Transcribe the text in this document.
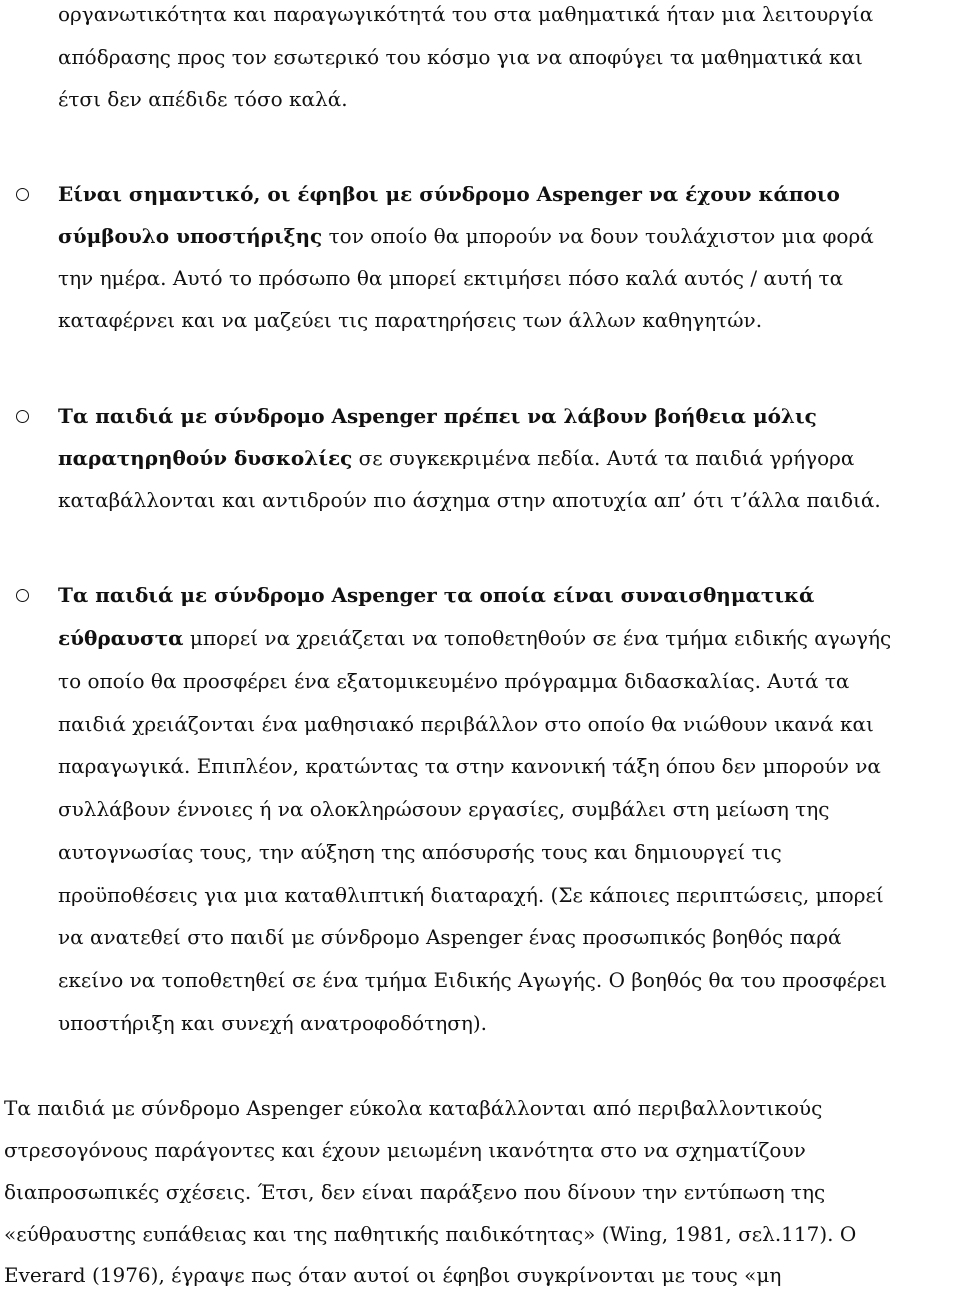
οργανωτικότητα και παραγωγικότητά του στα μαθηματικά ήταν μια λειτουργία

απόδρασης προς τον εσωτερικό του κόσμο για να αποφύγει τα μαθηματικά και

έτσι δεν απέδιδε τόσο καλά.

Είναι σημαντικό, οι έφηβοι με σύνδρομο Aspenger να έχουν κάποιο

σύμβουλο υποστήριξης τον οποίο θα μπορούν να δουν τουλάχιστον μια φορά

την ημέρα. Αυτό το πρόσωπο θα μπορεί εκτιμήσει πόσο καλά αυτός / αυτή τα

καταφέρνει και να μαζεύει τις παρατηρήσεις των άλλων καθηγητών.

Τα παιδιά με σύνδρομο Aspenger πρέπει να λάβουν βοήθεια μόλις

παρατηρηθούν δυσκολίες σε συγκεκριμένα πεδία. Αυτά τα παιδιά γρήγορα

καταβάλλονται και αντιδρούν πιο άσχημα στην αποτυχία απ’ ότι τ’άλλα παιδιά.

Τα παιδιά με σύνδρομο Aspenger τα οποία είναι συναισθηματικά

εύθραυστα μπορεί να χρειάζεται να τοποθετηθούν σε ένα τμήμα ειδικής αγωγής

το οποίο θα προσφέρει ένα εξατομικευμένο πρόγραμμα διδασκαλίας. Αυτά τα

παιδιά χρειάζονται ένα μαθησιακό περιβάλλον στο οποίο θα νιώθουν ικανά και

παραγωγικά. Επιπλέον, κρατώντας τα στην κανονική τάξη όπου δεν μπορούν να

συλλάβουν έννοιες ή να ολοκληρώσουν εργασίες, συμβάλει στη μείωση της

αυτογνωσίας τους, την αύξηση της απόσυρσής τους και δημιουργεί τις

προϋποθέσεις για μια καταθλιπτική διαταραχή. (Σε κάποιες περιπτώσεις, μπορεί

να ανατεθεί στο παιδί με σύνδρομο Aspenger ένας προσωπικός βοηθός παρά

εκείνο να τοποθετηθεί σε ένα τμήμα Ειδικής Αγωγής. Ο βοηθός θα του προσφέρει

υποστήριξη και συνεχή ανατροφοδότηση).

Τα παιδιά με σύνδρομο Aspenger εύκολα καταβάλλονται από περιβαλλοντικούς

στρεσογόνους παράγοντες και έχουν μειωμένη ικανότητα στο να σχηματίζουν

διαπροσωπικές σχέσεις. Έτσι, δεν είναι παράξενο που δίνουν την εντύπωση της

«εύθραυστης ευπάθειας και της παθητικής παιδικότητας» (Wing, 1981, σελ.117). Ο

Everard (1976), έγραψε πως όταν αυτοί οι έφηβοι συγκρίνονται με τους «μη
